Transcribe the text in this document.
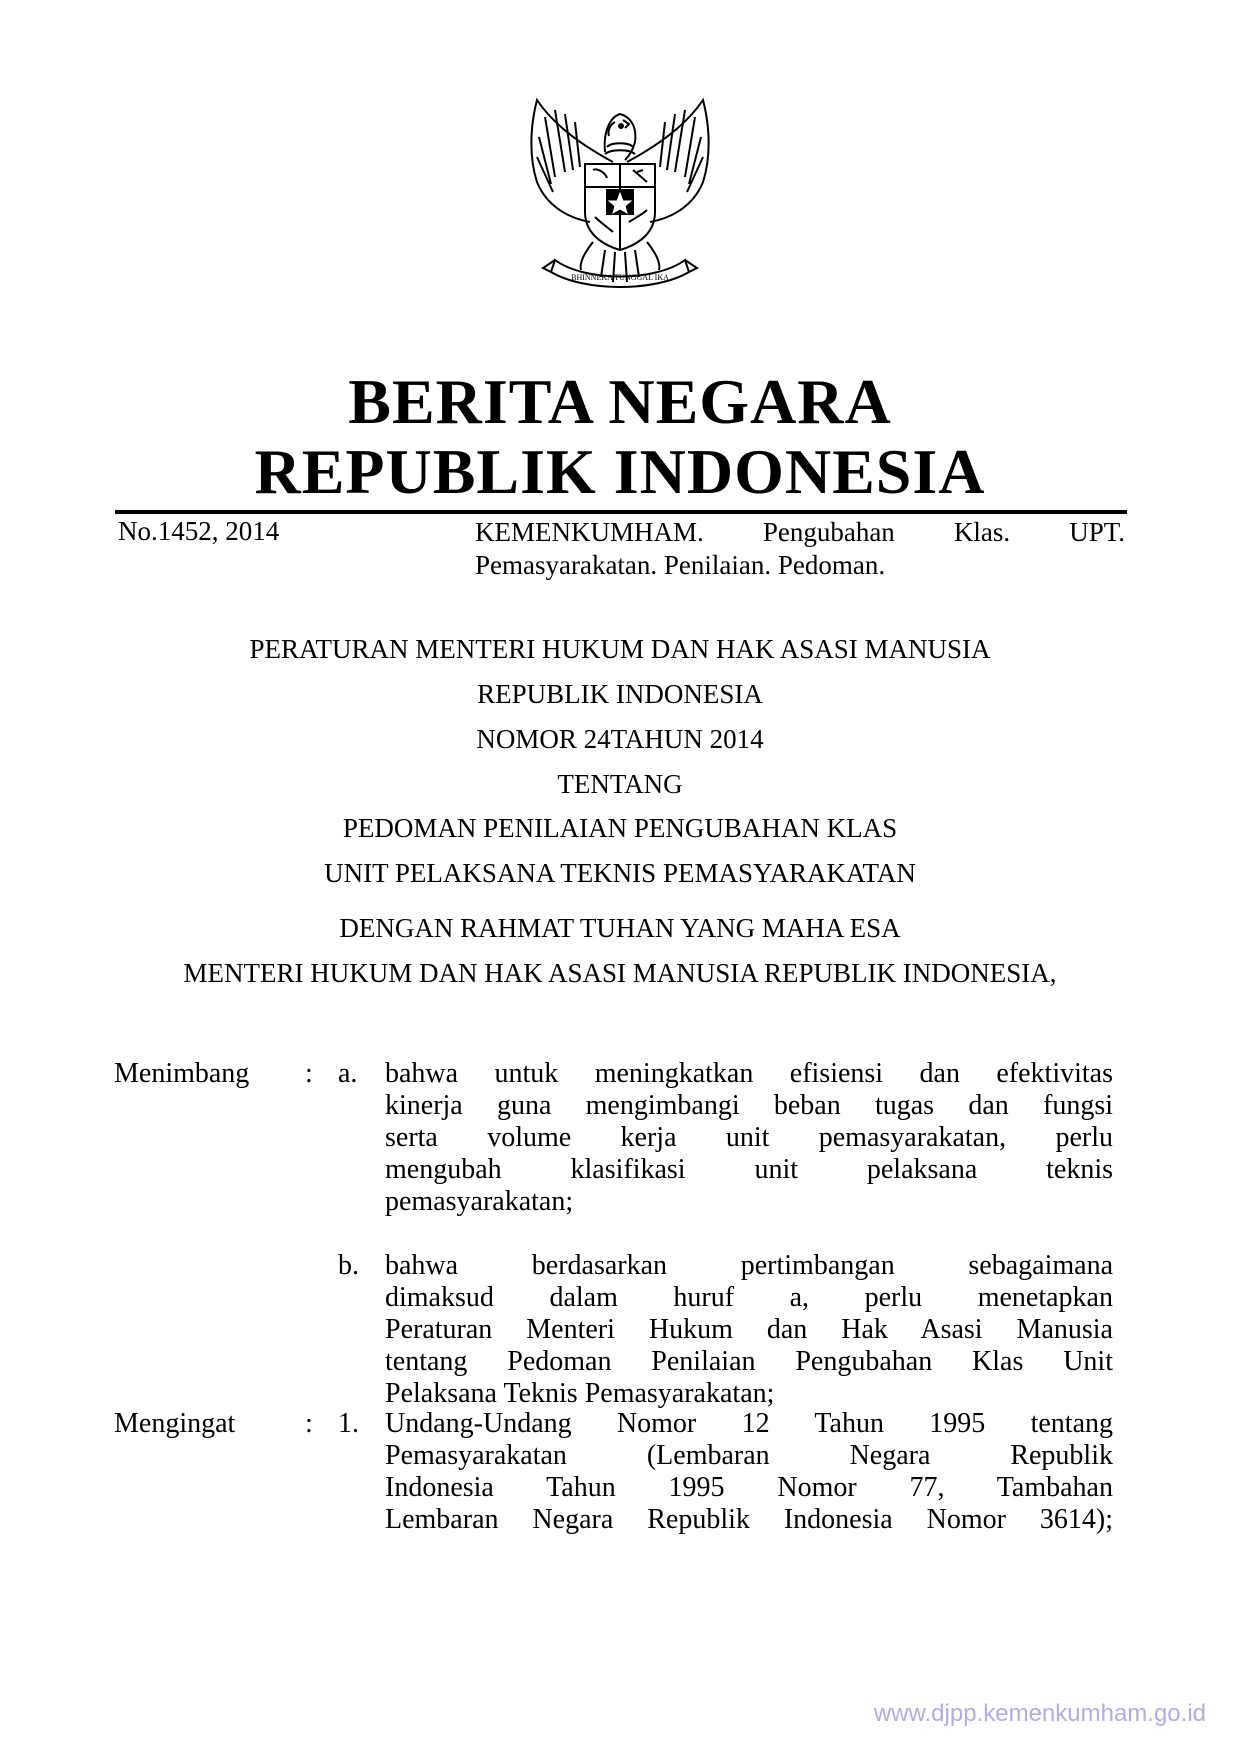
BHINNEKA TUNGGAL IKA
BERITA NEGARA
REPUBLIK INDONESIA
No.1452, 2014	KEMENKUMHAM. Pengubahan Klas. UPT.
Pemasyarakatan. Penilaian. Pedoman.
PERATURAN MENTERI HUKUM DAN HAK ASASI MANUSIA
REPUBLIK INDONESIA
NOMOR 24TAHUN 2014
TENTANG
PEDOMAN PENILAIAN PENGUBAHAN KLAS
UNIT PELAKSANA TEKNIS PEMASYARAKATAN
DENGAN RAHMAT TUHAN YANG MAHA ESA
MENTERI HUKUM DAN HAK ASASI MANUSIA REPUBLIK INDONESIA,
Menimbang : a. bahwa untuk meningkatkan efisiensi dan efektivitas
kinerja guna mengimbangi beban tugas dan fungsi
serta volume kerja unit pemasyarakatan, perlu
mengubah klasifikasi unit pelaksana teknis
pemasyarakatan;
b. bahwa berdasarkan pertimbangan sebagaimana
dimaksud dalam huruf a, perlu menetapkan
Peraturan Menteri Hukum dan Hak Asasi Manusia
tentang Pedoman Penilaian Pengubahan Klas Unit
Pelaksana Teknis Pemasyarakatan;
Mengingat : 1. Undang-Undang Nomor 12 Tahun 1995 tentang
Pemasyarakatan (Lembaran Negara Republik
Indonesia Tahun 1995 Nomor 77, Tambahan
Lembaran Negara Republik Indonesia Nomor 3614);
www.djpp.kemenkumham.go.id
